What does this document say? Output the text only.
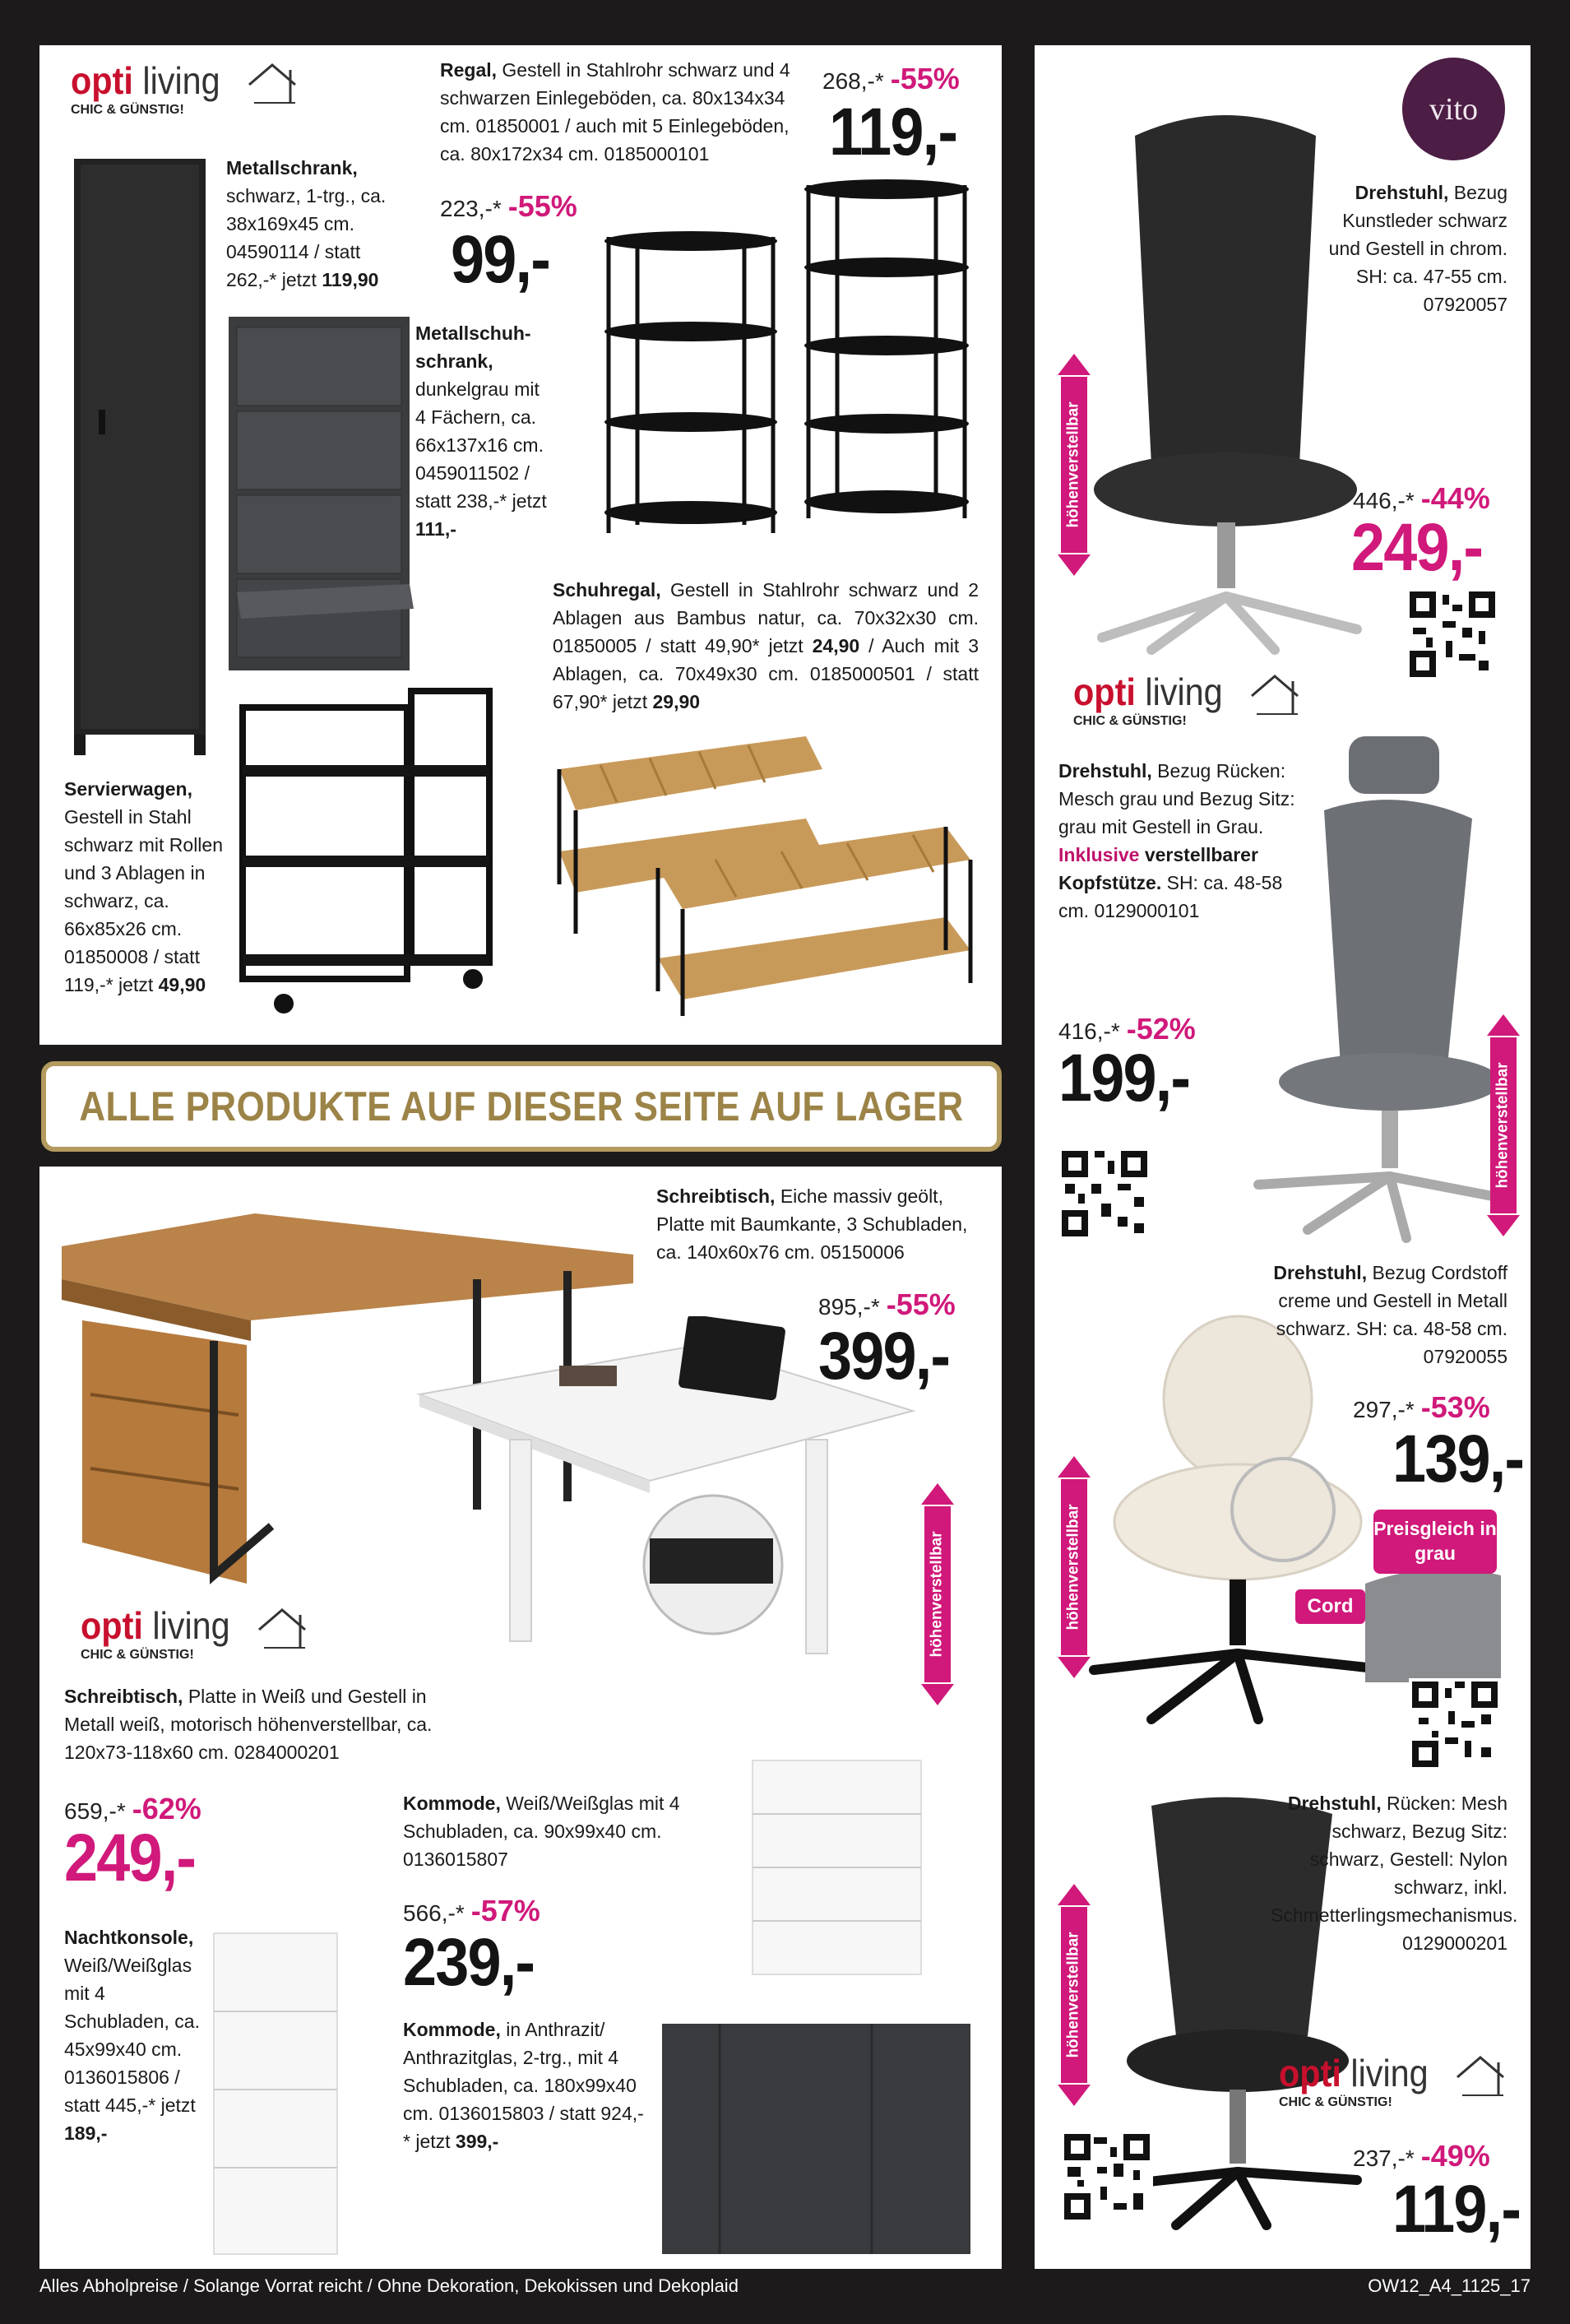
ALLE PRODUKTE AUF DIESER SEITE AUF LAGER
opti living
CHIC & GÜNSTIG!
Regal, Gestell in Stahlrohr schwarz und 4 schwarzen Einlegeböden, ca. 80x134x34 cm. 01850001 / auch mit 5 Einlegeböden, ca. 80x172x34 cm. 0185000101
268,-* -55%
119,-
Metallschrank, schwarz, 1-trg., ca. 38x169x45 cm. 04590114 / statt 262,-* jetzt 119,90
223,-* -55%
99,-
Metallschuh-schrank, dunkelgrau mit 4 Fächern, ca. 66x137x16 cm. 0459011502 / statt 238,-* jetzt 111,-
Schuhregal, Gestell in Stahlrohr schwarz und 2 Ablagen aus Bambus natur, ca. 70x32x30 cm. 01850005 / statt 49,90* jetzt 24,90 / Auch mit 3 Ablagen, ca. 70x49x30 cm. 0185000501 / statt 67,90* jetzt 29,90
Servierwagen, Gestell in Stahl schwarz mit Rollen und 3 Ablagen in schwarz, ca. 66x85x26 cm. 01850008 / statt 119,-* jetzt 49,90
höhenverstellbar
opti living
CHIC & GÜNSTIG!
Schreibtisch, Eiche massiv geölt, Platte mit Baumkante, 3 Schubladen, ca. 140x60x76 cm. 05150006
895,-* -55%
399,-
Schreibtisch, Platte in Weiß und Gestell in Metall weiß, motorisch höhenverstellbar, ca. 120x73-118x60 cm. 0284000201
659,-* -62%
249,-
Kommode, Weiß/Weißglas mit 4 Schubladen, ca. 90x99x40 cm. 0136015807
566,-* -57%
239,-
Nachtkonsole, Weiß/Weißglas mit 4 Schubladen, ca. 45x99x40 cm. 0136015806 / statt 445,-* jetzt 189,-
Kommode, in Anthrazit/ Anthrazitglas, 2-trg., mit 4 Schubladen, ca. 180x99x40 cm. 0136015803 / statt 924,-* jetzt 399,-
vito
höhenverstellbar
Drehstuhl, Bezug Kunstleder schwarz und Gestell in chrom. SH: ca. 47-55 cm. 07920057
446,-* -44%
249,-
opti living
CHIC & GÜNSTIG!
höhenverstellbar
Drehstuhl, Bezug Rücken: Mesch grau und Bezug Sitz: grau mit Gestell in Grau. Inklusive verstellbarer Kopfstütze. SH: ca. 48-58 cm. 0129000101
416,-* -52%
199,-
Preisgleich in grau
Cord
höhenverstellbar
Drehstuhl, Bezug Cordstoff creme und Gestell in Metall schwarz. SH: ca. 48-58 cm. 07920055
297,-* -53%
139,-
höhenverstellbar
Drehstuhl, Rücken: Mesh schwarz, Bezug Sitz: schwarz, Gestell: Nylon schwarz, inkl. Schmetterlingsmechanismus. 0129000201
opti living
CHIC & GÜNSTIG!
237,-* -49%
119,-
Alles Abholpreise / Solange Vorrat reicht / Ohne Dekoration, Dekokissen und Dekoplaid	OW12_A4_1125_17
